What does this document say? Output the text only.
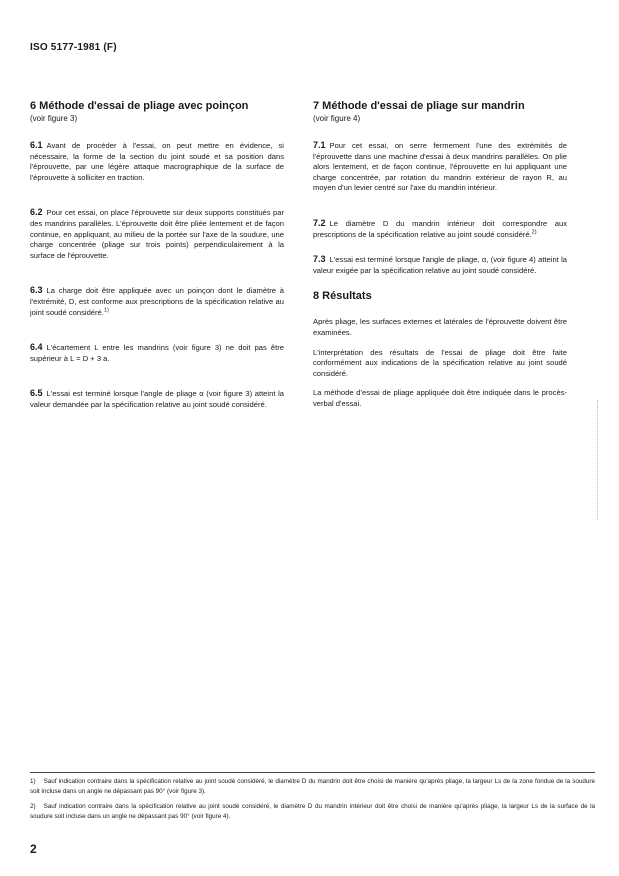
ISO 5177-1981 (F)
6 Méthode d'essai de pliage avec poinçon
(voir figure 3)

6.1 Avant de procéder à l'essai, on peut mettre en évidence, si nécessaire, la forme de la section du joint soudé et sa position dans l'éprouvette, par une légère attaque macrographique de la surface de l'éprouvette à solliciter en traction.

6.2 Pour cet essai, on place l'éprouvette sur deux supports constitués par des mandrins parallèles. L'éprouvette doit être pliée lentement et de façon continue, en appliquant, au milieu de la portée sur l'axe de la soudure, une charge concentrée (pliage sur trois points) perpendiculairement à la surface de l'éprouvette.

6.3 La charge doit être appliquée avec un poinçon dont le diamètre à l'extrémité, D, est conforme aux prescriptions de la spécification relative au joint soudé considéré.$^{1)}$

6.4 L'écartement L entre les mandrins (voir figure 3) ne doit pas être supérieur à L = D + 3 a.

6.5 L'essai est terminé lorsque l'angle de pliage α (voir figure 3) atteint la valeur demandée par la spécification relative au joint soudé considéré.

7 Méthode d'essai de pliage sur mandrin
(voir figure 4)

7.1 Pour cet essai, on serre fermement l'une des extrémités de l'éprouvette dans une machine d'essai à deux mandrins parallèles. On plie alors lentement, et de façon continue, l'éprouvette en lui appliquant une charge concentrée, par rotation du mandrin extérieur de rayon R, au moyen d'un levier centré sur l'axe du mandrin intérieur.

7.2 Le diamètre D du mandrin intérieur doit correspondre aux prescriptions de la spécification relative au joint soudé considéré.$^{2)}$

7.3 L'essai est terminé lorsque l'angle de pliage, α, (voir figure 4) atteint la valeur exigée par la spécification relative au joint soudé considéré.

8 Résultats

Après pliage, les surfaces externes et latérales de l'éprouvette doivent être examinées.

L'interprétation des résultats de l'essai de pliage doit être faite conformément aux indications de la spécification relative au joint soudé considéré.

La méthode d'essai de pliage appliquée doit être indiquée dans le procès-verbal d'essai.

1) Sauf indication contraire dans la spécification relative au joint soudé considéré, le diamètre D du mandrin doit être choisi de manière qu'après pliage, la largeur Ls de la zone fondue de la soudure soit incluse dans un angle ne dépassant pas 90° (voir figure 3).
2) Sauf indication contraire dans la spécification relative au joint soudé considéré, le diamètre D du mandrin intérieur doit être choisi de manière qu'après pliage, la largeur Ls de la surface de la soudure soit incluse dans un angle ne dépassant pas 90° (voir figure 4).
2
